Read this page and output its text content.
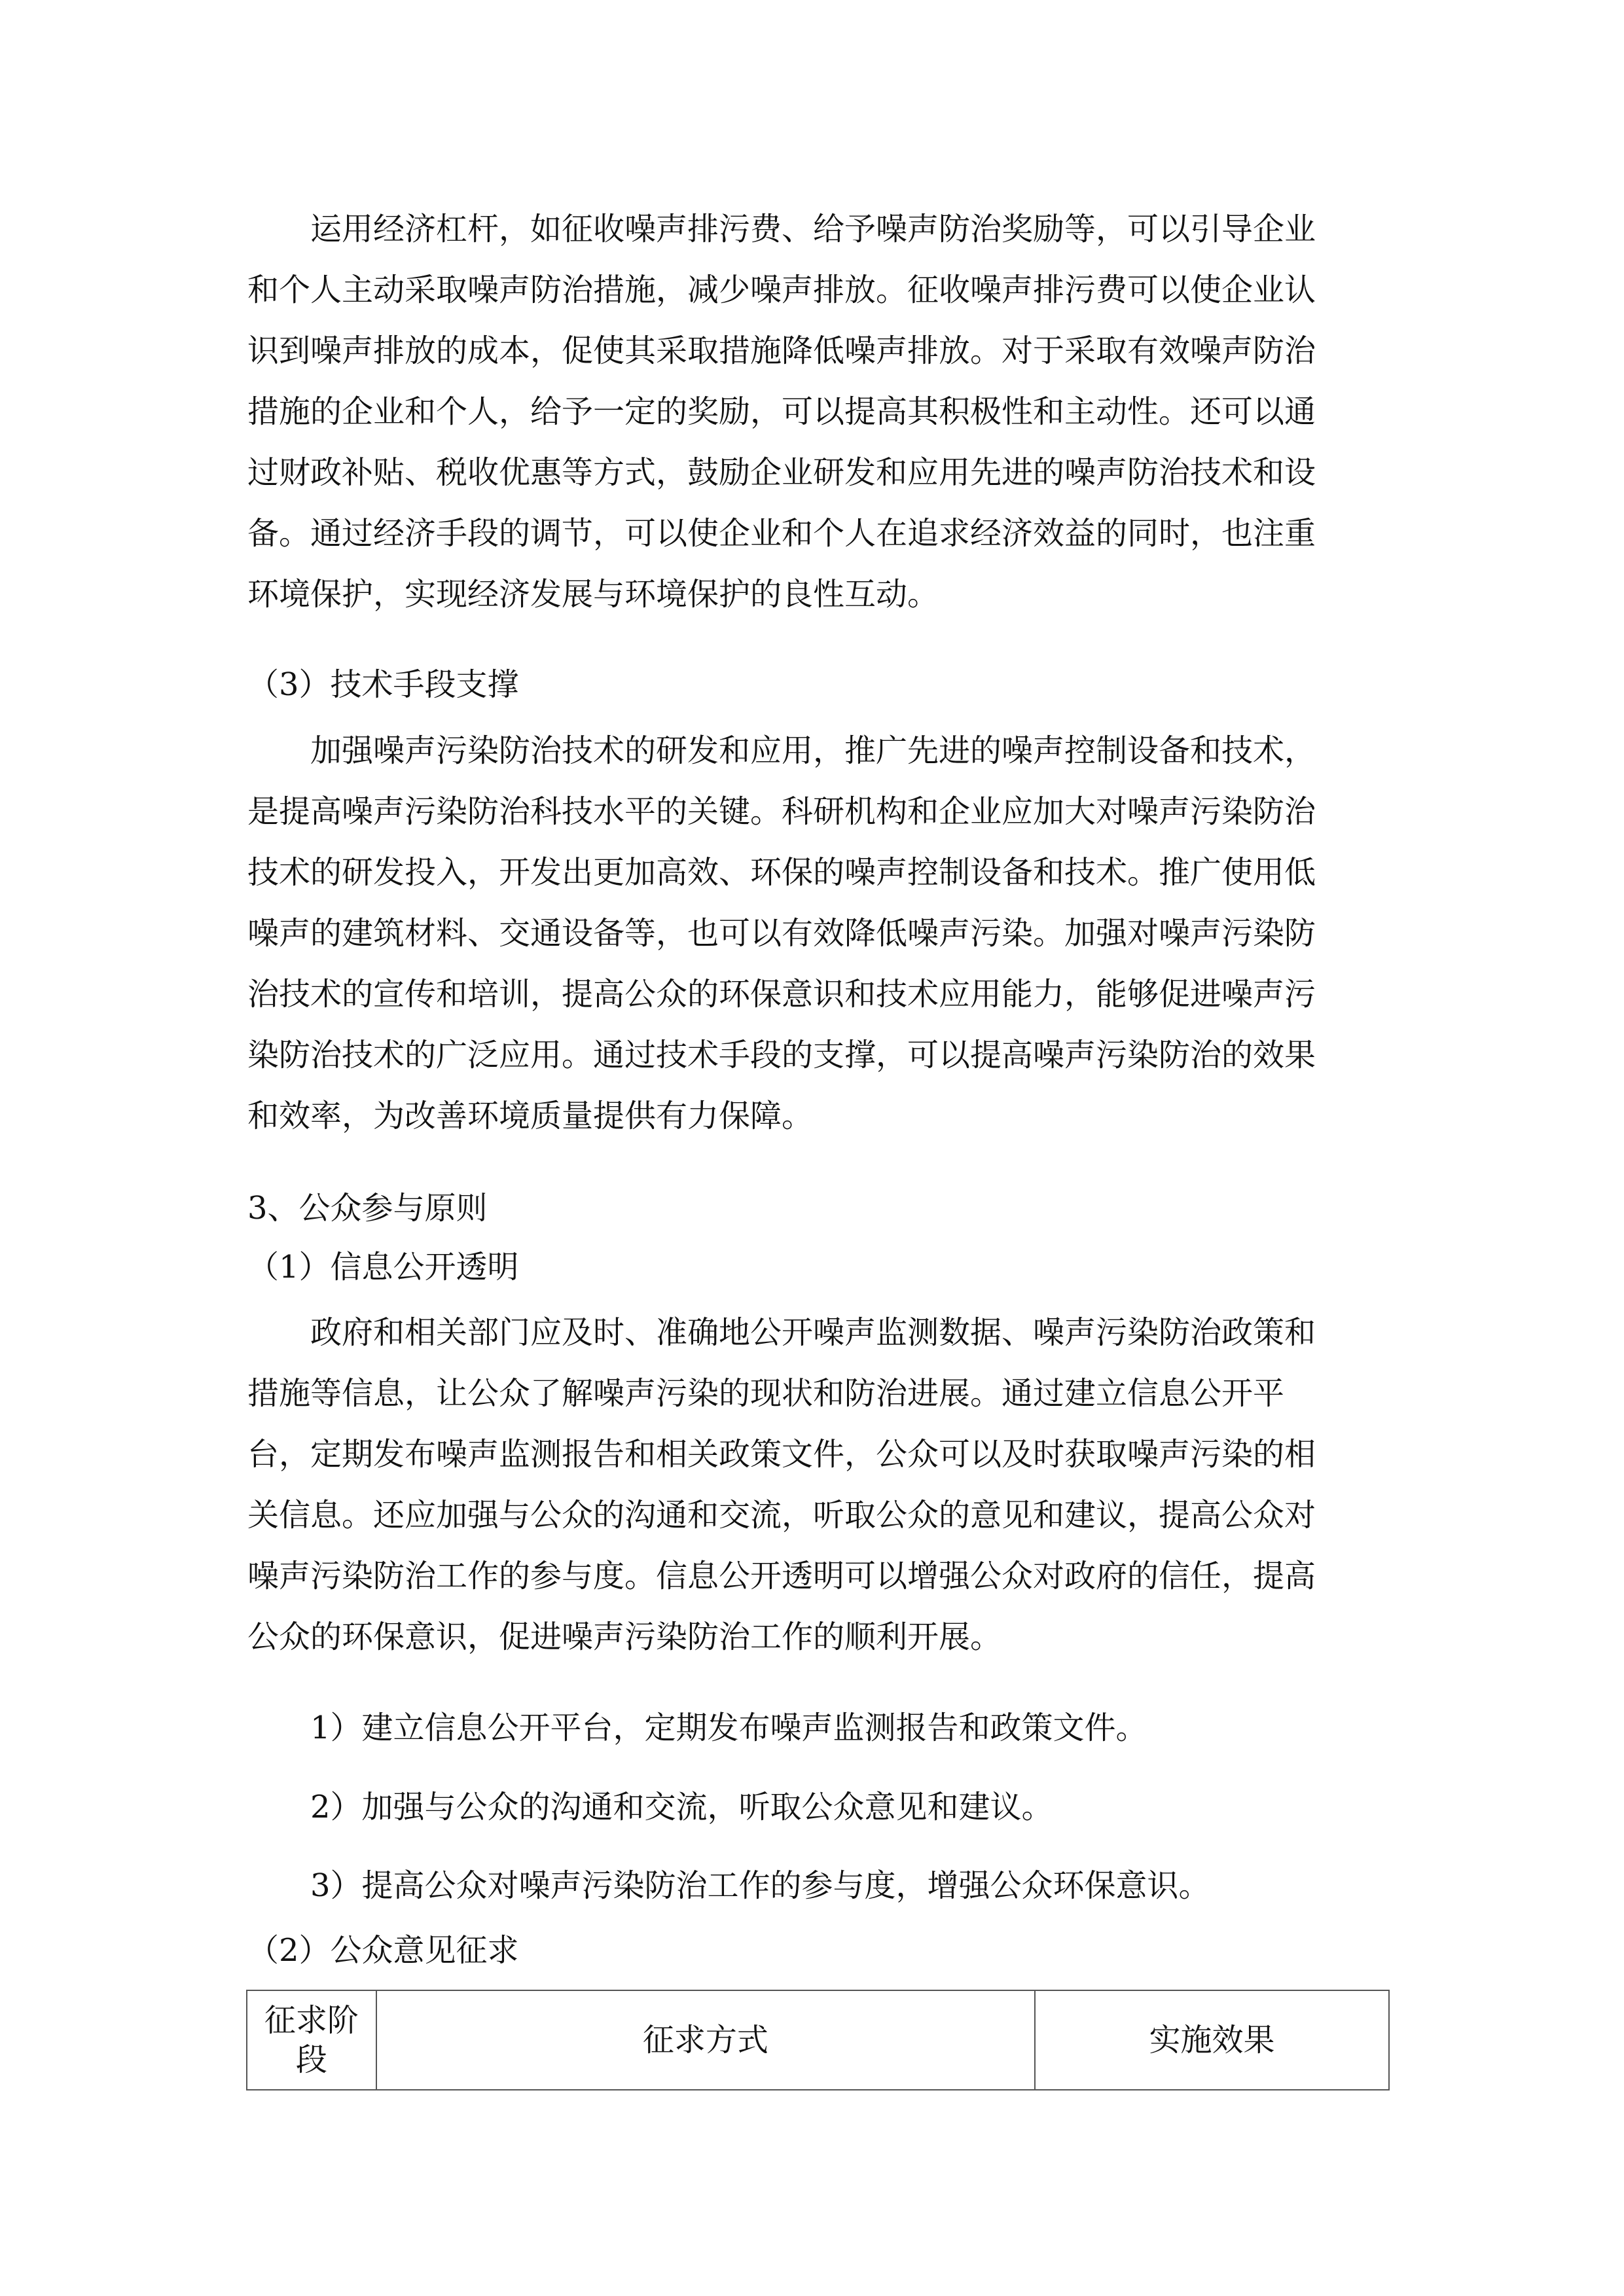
运用经济杠杆，如征收噪声排污费、给予噪声防治奖励等，可以引导企业
和个人主动采取噪声防治措施，减少噪声排放。征收噪声排污费可以使企业认
识到噪声排放的成本，促使其采取措施降低噪声排放。对于采取有效噪声防治
措施的企业和个人，给予一定的奖励，可以提高其积极性和主动性。还可以通
过财政补贴、税收优惠等方式，鼓励企业研发和应用先进的噪声防治技术和设
备。通过经济手段的调节，可以使企业和个人在追求经济效益的同时，也注重
环境保护，实现经济发展与环境保护的良性互动。
（3）技术手段支撑
加强噪声污染防治技术的研发和应用，推广先进的噪声控制设备和技术，
是提高噪声污染防治科技水平的关键。科研机构和企业应加大对噪声污染防治
技术的研发投入，开发出更加高效、环保的噪声控制设备和技术。推广使用低
噪声的建筑材料、交通设备等，也可以有效降低噪声污染。加强对噪声污染防
治技术的宣传和培训，提高公众的环保意识和技术应用能力，能够促进噪声污
染防治技术的广泛应用。通过技术手段的支撑，可以提高噪声污染防治的效果
和效率，为改善环境质量提供有力保障。
3、公众参与原则
（1）信息公开透明
政府和相关部门应及时、准确地公开噪声监测数据、噪声污染防治政策和
措施等信息，让公众了解噪声污染的现状和防治进展。通过建立信息公开平
台，定期发布噪声监测报告和相关政策文件，公众可以及时获取噪声污染的相
关信息。还应加强与公众的沟通和交流，听取公众的意见和建议，提高公众对
噪声污染防治工作的参与度。信息公开透明可以增强公众对政府的信任，提高
公众的环保意识，促进噪声污染防治工作的顺利开展。
1）建立信息公开平台，定期发布噪声监测报告和政策文件。
2）加强与公众的沟通和交流，听取公众意见和建议。
3）提高公众对噪声污染防治工作的参与度，增强公众环保意识。
（2）公众意见征求
征求阶段	征求方式	实施效果
